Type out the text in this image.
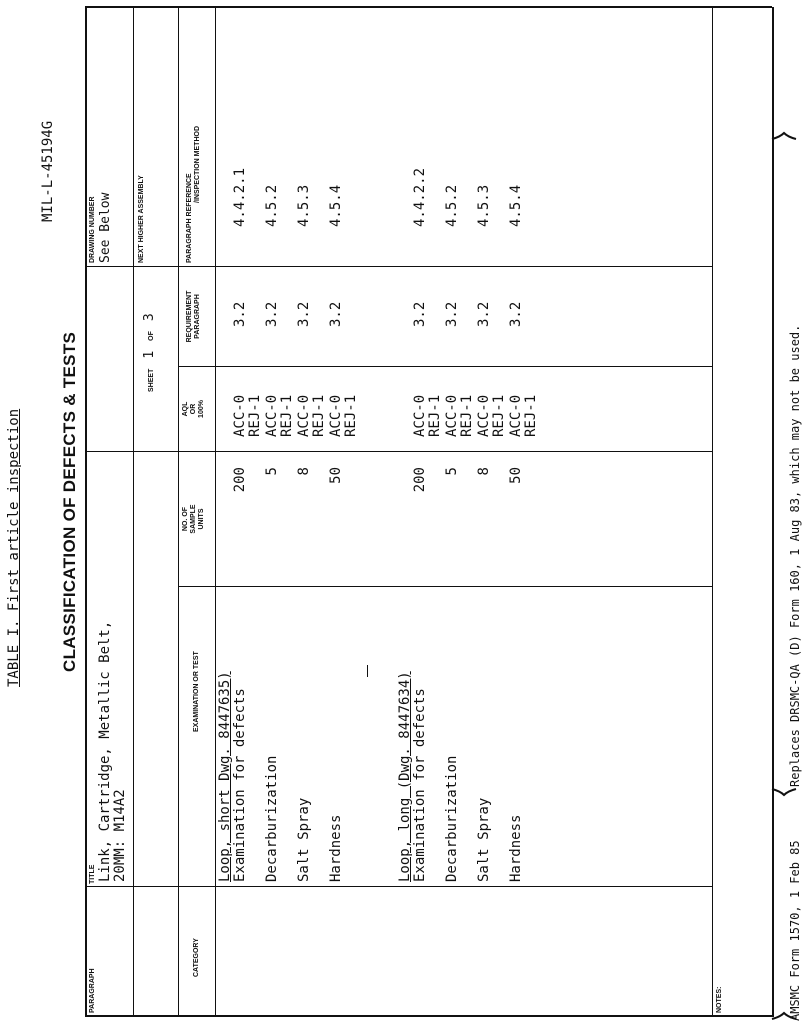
TABLE I. First article inspection
MIL-L-45194G
CLASSIFICATION OF DEFECTS & TESTS
PARAGRAPH
TITLE Link, Cartridge, Metallic Belt, 20MM: M14A2
SHEET 1 OF 3
DRAWING NUMBER See Below	NEXT HIGHER ASSEMBLY
CATEGORY
EXAMINATION OR TEST
NO. OF SAMPLE UNITS
AQL OR 100%
REQUIREMENT PARAGRAPH
PARAGRAPH REFERENCE
/INSPECTION METHOD
Loop, short Dwg. 8447635) Examination for defects
200
ACC-0 REJ-1
3.2
4.4.2.1
Decarburization
5
ACC-0 REJ-1
3.2
4.5.2
Salt Spray
8
ACC-0 REJ-1
3.2
4.5.3
Hardness
50
ACC-0 REJ-1
3.2
4.5.4
Loop, long (Dwg. 8447634) Examination for defects
200
ACC-0 REJ-1
3.2
4.4.2.2
Decarburization
5
ACC-0 REJ-1
3.2
4.5.2
Salt Spray
8
ACC-0 REJ-1
3.2
4.5.3
Hardness
50
ACC-0 REJ-1
3.2
4.5.4
NOTES:	AMSMC Form 1570, 1 Feb 85
Replaces DRSMC-QA (D) Form 160, 1 Aug 83, which may not be used.
